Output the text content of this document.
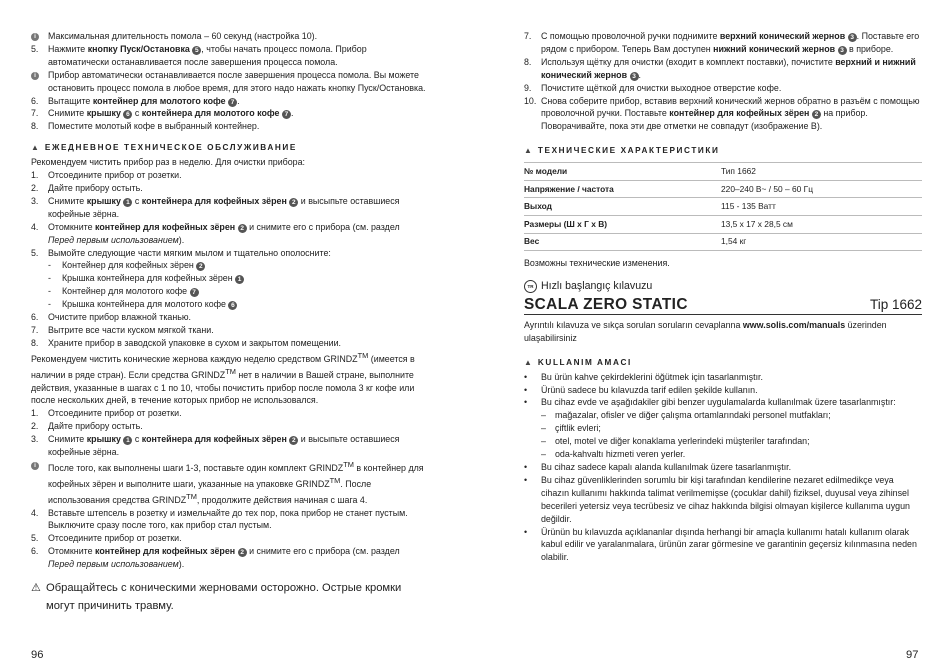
i	Максимальная длительность помола – 60 секунд (настройка 10).
5.	Нажмите кнопку Пуск/Остановка 5 , чтобы начать процесс помола. Прибор автоматически останавливается после завершения процесса помола.
i	Прибор автоматически останавливается после завершения процесса помола. Вы можете остановить процесс помола в любое время, для этого надо нажать кнопку Пуск/Остановка.
6.	Вытащите контейнер для молотого кофе 7 .
7.	Снимите крышку 6 с контейнера для молотого кофе 7 .
8.	Поместите молотый кофе в выбранный контейнер.
▲ ЕЖЕДНЕВНОЕ ТЕХНИЧЕСКОЕ ОБСЛУЖИВАНИЕ
Рекомендуем чистить прибор раз в неделю. Для очистки прибора:
1.	Отсоедините прибор от розетки.
2.	Дайте прибору остыть.
3.	Снимите крышку 1 с контейнера для кофейных зёрен 2 и высыпьте оставшиеся кофейные зёрна.
4.	Отомкните контейнер для кофейных зёрен 2 и снимите его с прибора (см. раздел Перед первым использованием).
5.	Вымойте следующие части мягким мылом и тщательно ополосните:
-	Контейнер для кофейных зёрен 2
-	Крышка контейнера для кофейных зёрен 1
-	Контейнер для молотого кофе 7
-	Крышка контейнера для молотого кофе 6
6.	Очистите прибор влажной тканью.
7.	Вытрите все части куском мягкой ткани.
8.	Храните прибор в заводской упаковке в сухом и закрытом помещении.
Рекомендуем чистить конические жернова каждую неделю средством GRINDZ™ (имеется в наличии в ряде стран). Если средства GRINDZ™ нет в наличии в Вашей стране, выполните действия, указанные в шагах с 1 по 10, чтобы почистить прибор после помола 3 кг кофе или после нескольких дней, в течение которых прибор не использовался.
1.	Отсоедините прибор от розетки.
2.	Дайте прибору остыть.
3.	Снимите крышку 1 с контейнера для кофейных зёрен 2 и высыпьте оставшиеся кофейные зёрна.
i	После того, как выполнены шаги 1-3, поставьте один комплект GRINDZ™ в контейнер для кофейных зёрен и выполните шаги, указанные на упаковке GRINDZ™. После использования средства GRINDZ™, продолжите действия начиная с шага 4.
4.	Вставьте штепсель в розетку и измельчайте до тех пор, пока прибор не станет пустым. Выключите сразу после того, как прибор стал пустым.
5.	Отсоедините прибор от розетки.
6.	Отомкните контейнер для кофейных зёрен 2 и снимите его с прибора (см. раздел Перед первым использованием).
⚠ Обращайтесь с коническими жерновами осторожно. Острые кромки
могут причинить травму.
7.	С помощью проволочной ручки поднимите верхний конический жернов 3 . Поставьте его рядом с прибором. Теперь Вам доступен нижний конический жернов 3 в приборе.
8.	Используя щётку для очистки (входит в комплект поставки), почистите верхний и нижний конический жернов 3 .
9.	Почистите щёткой для очистки выходное отверстие кофе.
10. Снова соберите прибор, вставив верхний конический жернов обратно в разъём с помощью проволочной ручки. Поставьте контейнер для кофейных зёрен 2 на прибор. Поворачивайте, пока эти две отметки не совпадут (изображение B).
▲ ТЕХНИЧЕСКИЕ ХАРАКТЕРИСТИКИ
№ модели	Тип 1662
Напряжение / частота	220–240 В~ / 50 – 60 Гц
Выход	115 - 135 Ватт
Размеры (Ш x Г x В)	13,5 x 17 x 28,5 см
Вес	1,54 кг
Возможны технические изменения.
TR Hızlı başlangıç kılavuzu
SCALA ZERO STATIC	Tip 1662
Ayrıntılı kılavuza ve sıkça sorulan soruların cevaplanna www.solis.com/manuals üzerinden ulaşabilirsiniz
▲ KULLANIM AMACI
•	Bu ürün kahve çekirdeklerini öğütmek için tasarlanmıştır.
•	Ürünü sadece bu kılavuzda tarif edilen şekilde kullanın.
•	Bu cihaz evde ve aşağıdakiler gibi benzer uygulamalarda kullanılmak üzere tasarlanmıştır:
–	mağazalar, ofisler ve diğer çalışma ortamlarındaki personel mutfakları;
–	çiftlik evleri;
–	otel, motel ve diğer konaklama yerlerindeki müşteriler tarafından;
–	oda-kahvaltı hizmeti veren yerler.
•	Bu cihaz sadece kapalı alanda kullanılmak üzere tasarlanmıştır.
•	Bu cihaz güvenliklerinden sorumlu bir kişi tarafından kendilerine nezaret edilmedikçe veya cihazın kullanımı hakkında talimat verilmemişse (çocuklar dahil) fiziksel, duyusal veya zihinsel becerileri yetersiz veya tecrübesiz ve cihaz hakkında bilgisi olmayan kişilerce kullanıma uygun değildir.
•	Ürünün bu kılavuzda açıklananlar dışında herhangi bir amaçla kullanımı hatalı kullanım olarak kabul edilir ve yaralanmalara, ürünün zarar görmesine ve garantinin geçersiz kılınmasına neden olabilir.
96	97
